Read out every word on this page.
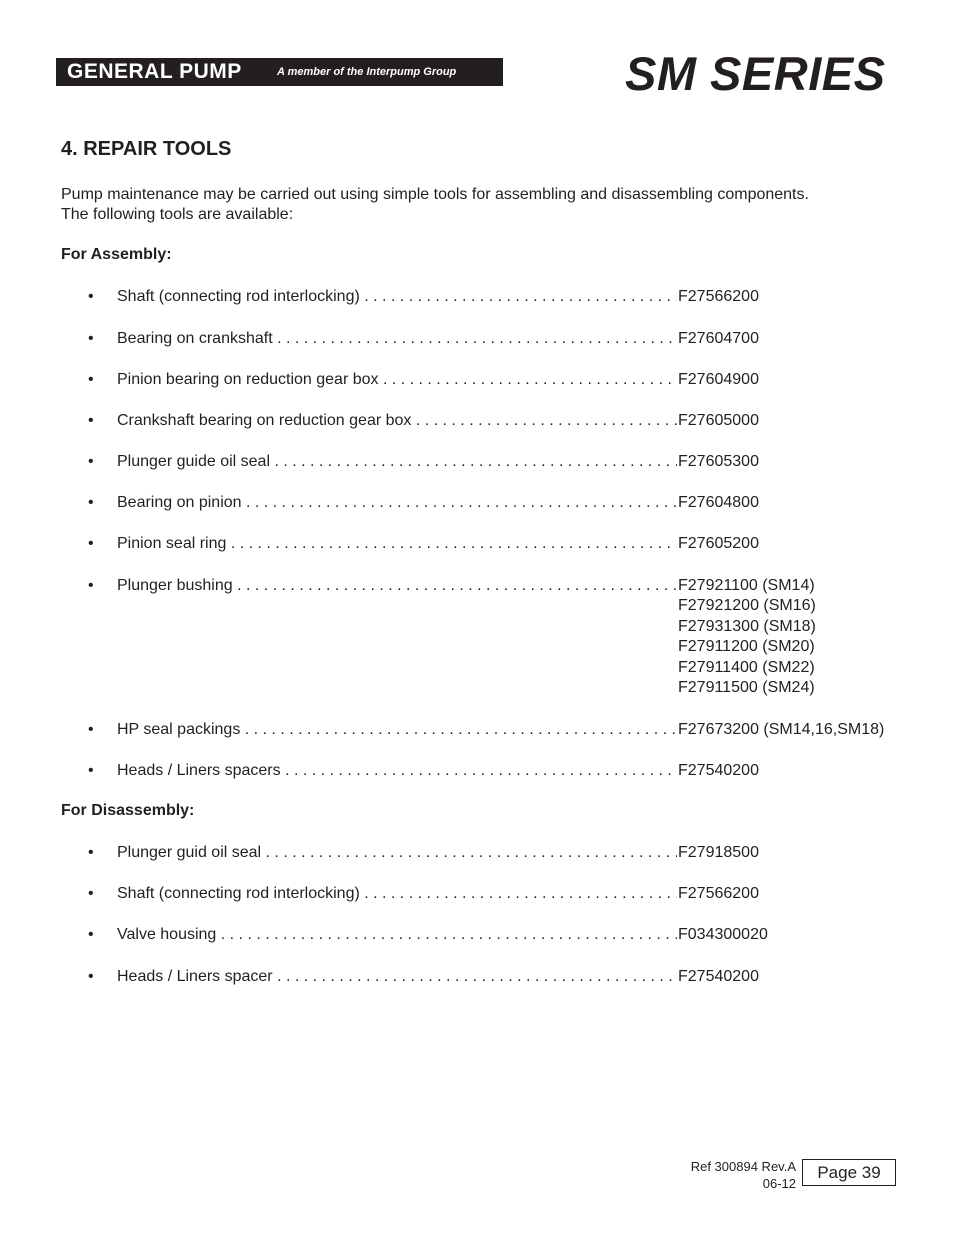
GENERAL PUMP	A member of the Interpump Group	SM SERIES
4. REPAIR TOOLS
Pump maintenance may be carried out using simple tools for assembling and disassembling components.
The following tools are available:
For Assembly:
• Shaft (connecting rod interlocking) . . .	F27566200
• Bearing on crankshaft . . .	F27604700
• Pinion bearing on reduction gear box . . .	F27604900
• Crankshaft bearing on reduction gear box . . .	F27605000
• Plunger guide oil seal . . .	F27605300
• Bearing on pinion . . .	F27604800
• Pinion seal ring . . .	F27605200
• Plunger bushing . . .	F27921100 (SM14)
F27921200 (SM16)
F27931300 (SM18)
F27911200 (SM20)
F27911400 (SM22)
F27911500 (SM24)
• HP seal packings . . .	F27673200 (SM14,16,SM18)
• Heads / Liners spacers . . .	F27540200
For Disassembly:
• Plunger guid oil seal . . .	F27918500
• Shaft (connecting rod interlocking) . . .	F27566200
• Valve housing . . .	F034300020
• Heads / Liners spacer . . .	F27540200
Ref 300894 Rev.A
06-12
Page 39
